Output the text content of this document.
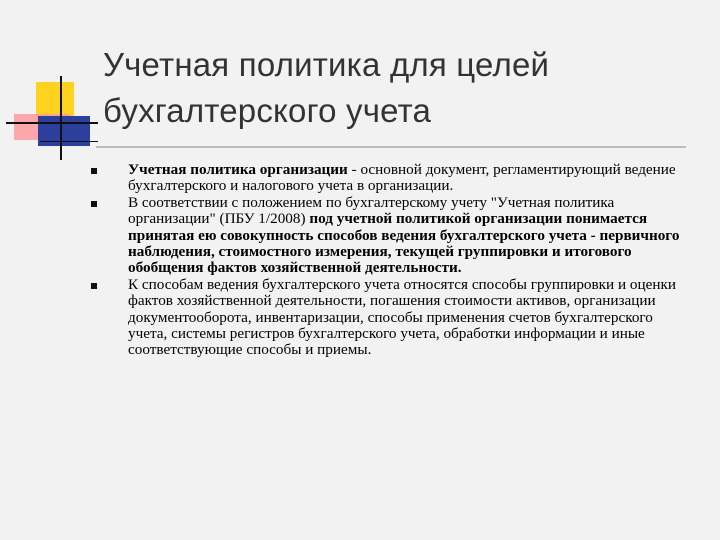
Учетная политика для целей
бухгалтерского учета
Учетная политика организации - основной документ, регламентирующий ведение бухгалтерского и налогового учета в организации.
В соответствии с положением по бухгалтерскому учету "Учетная политика организации" (ПБУ 1/2008) под учетной политикой организации понимается принятая ею совокупность способов ведения бухгалтерского учета - первичного наблюдения, стоимостного измерения, текущей группировки и итогового обобщения фактов хозяйственной деятельности.
К способам ведения бухгалтерского учета относятся способы группировки и оценки фактов хозяйственной деятельности, погашения стоимости активов, организации документооборота, инвентаризации, способы применения счетов бухгалтерского учета, системы регистров бухгалтерского учета, обработки информации и иные соответствующие способы и приемы.
